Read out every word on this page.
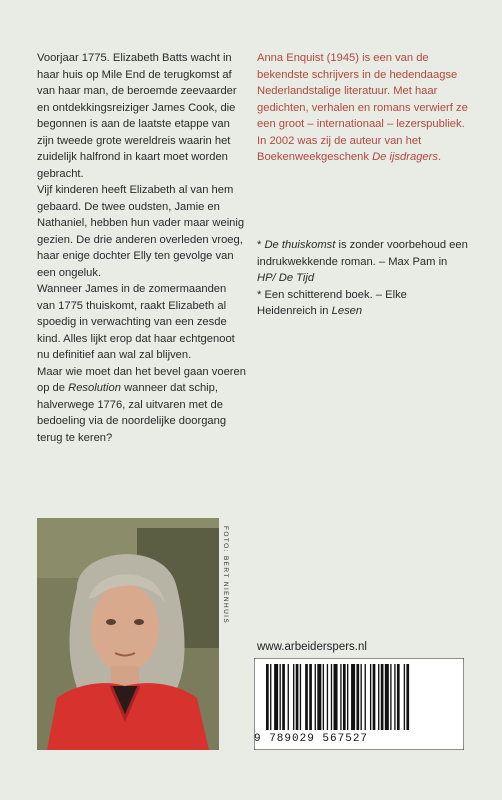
Voorjaar 1775. Elizabeth Batts wacht in haar huis op Mile End de terugkomst af van haar man, de beroemde zeevaarder en ontdekkingsreiziger James Cook, die begonnen is aan de laatste etappe van zijn tweede grote wereldreis waarin het zuidelijk halfrond in kaart moet worden gebracht.

Vijf kinderen heeft Elizabeth al van hem gebaard. De twee oudsten, Jamie en Nathaniel, hebben hun vader maar weinig gezien. De drie anderen overleden vroeg, haar enige dochter Elly ten gevolge van een ongeluk.

Wanneer James in de zomermaanden van 1775 thuiskomt, raakt Elizabeth al spoedig in verwachting van een zesde kind. Alles lijkt erop dat haar echtgenoot nu definitief aan wal zal blijven.

Maar wie moet dan het bevel gaan voeren op de Resolution wanneer dat schip, halverwege 1776, zal uitvaren met de bedoeling via de noordelijke doorgang terug te keren?

Anna Enquist (1945) is een van de bekendste schrijvers in de hedendaagse Nederlandstalige literatuur. Met haar gedichten, verhalen en romans verwierf ze een groot – internationaal – lezerspubliek. In 2002 was zij de auteur van het Boekenweekgeschenk De ijsdragers.

* De thuiskomst is zonder voorbehoud een indrukwekkende roman. – Max Pam in HP/ De Tijd

* Een schitterend boek. – Elke Heidenreich in Lesen

FOTO: BERT NIENHUIS
www.arbeiderspers.nl
9 789029 567527
